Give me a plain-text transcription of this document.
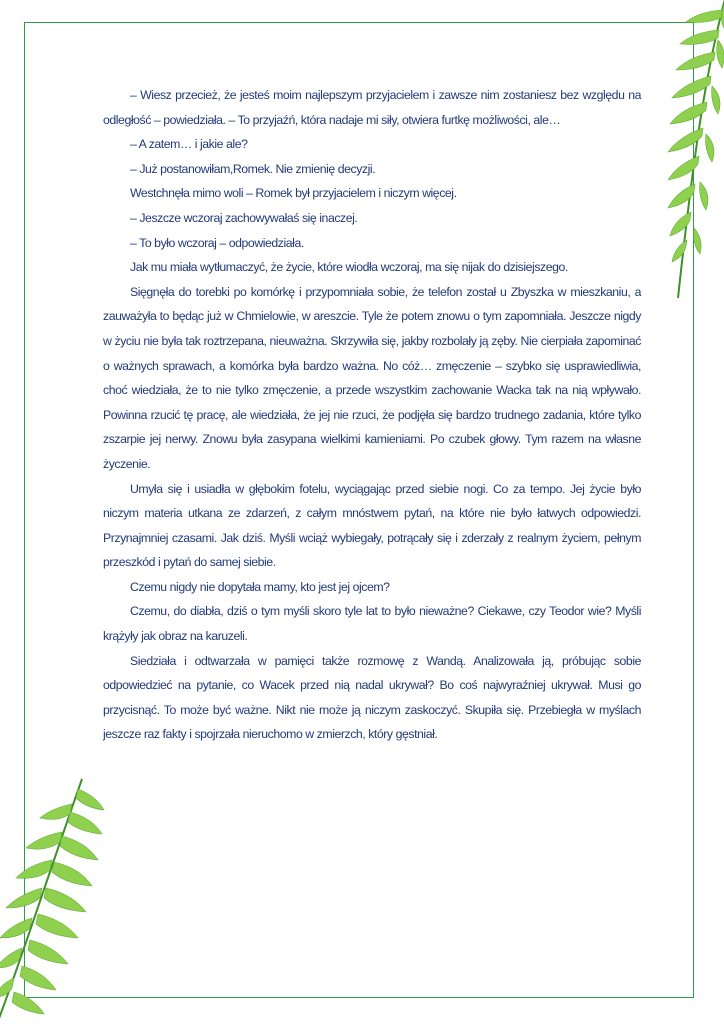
– Wiesz przecież, że jesteś moim najlepszym przyjacielem i zawsze nim zostaniesz bez względu na odległość – powiedziała. – To przyjaźń, która nadaje mi siły, otwiera furtkę możliwości, ale…

– A zatem… i jakie ale?

– Już postanowiłam,Romek. Nie zmienię decyzji.

Westchnęła mimo woli – Romek był przyjacielem i niczym więcej.

– Jeszcze wczoraj zachowywałaś się inaczej.

– To było wczoraj – odpowiedziała.

Jak mu miała wytłumaczyć, że życie, które wiodła wczoraj, ma się nijak do dzisiejszego.

Sięgnęła do torebki po komórkę i przypomniała sobie, że telefon został u Zbyszka w mieszkaniu, a zauważyła to będąc już w Chmielowie, w areszcie. Tyle że potem znowu o tym zapomniała. Jeszcze nigdy w życiu nie była tak roztrzepana, nieuważna. Skrzywiła się, jakby rozbolały ją zęby. Nie cierpiała zapominać o ważnych sprawach, a komórka była bardzo ważna. No cóż… zmęczenie – szybko się usprawiedliwia, choć wiedziała, że to nie tylko zmęczenie, a przede wszystkim zachowanie Wacka tak na nią wpływało. Powinna rzucić tę pracę, ale wiedziała, że jej nie rzuci, że podjęła się bardzo trudnego zadania, które tylko zszarpie jej nerwy. Znowu była zasypana wielkimi kamieniami. Po czubek głowy. Tym razem na własne życzenie.

Umyła się i usiadła w głębokim fotelu, wyciągając przed siebie nogi. Co za tempo. Jej życie było niczym materia utkana ze zdarzeń, z całym mnóstwem pytań, na które nie było łatwych odpowiedzi. Przynajmniej czasami. Jak dziś. Myśli wciąż wybiegały, potrącały się i zderzały z realnym życiem, pełnym przeszkód i pytań do samej siebie.

Czemu nigdy nie dopytała mamy, kto jest jej ojcem?

Czemu, do diabła, dziś o tym myśli skoro tyle lat to było nieważne? Ciekawe, czy Teodor wie? Myśli krążyły jak obraz na karuzeli.

Siedziała i odtwarzała w pamięci także rozmowę z Wandą. Analizowała ją, próbując sobie odpowiedzieć na pytanie, co Wacek przed nią nadal ukrywał? Bo coś najwyraźniej ukrywał. Musi go przycisnąć. To może być ważne. Nikt nie może ją niczym zaskoczyć. Skupiła się. Przebiegła w myślach jeszcze raz fakty i spojrzała nieruchomo w zmierzch, który gęstniał.
